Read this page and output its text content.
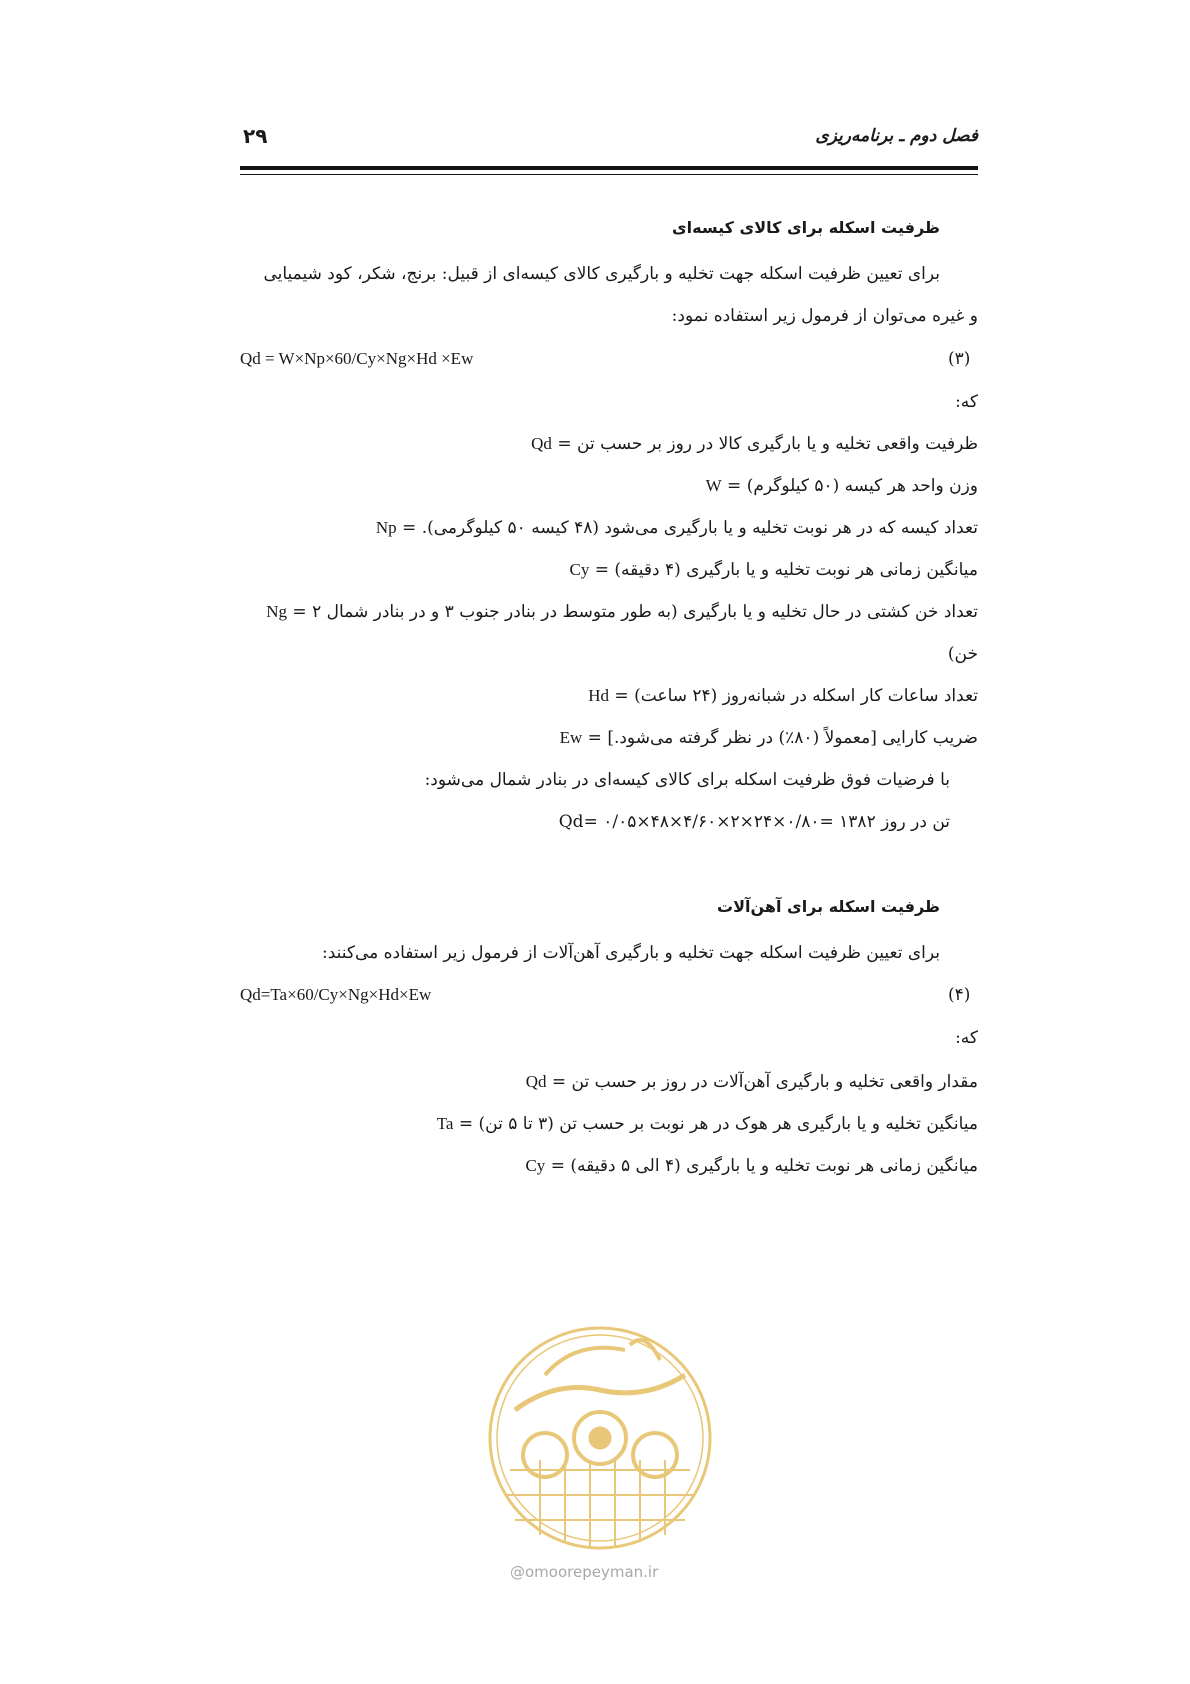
فصل دوم ـ برنامه‌ریزی
۲۹
ظرفیت اسکله برای کالای کیسه‌ای
برای تعیین ظرفیت اسکله جهت تخلیه و بارگیری کالای کیسه‌ای از قبیل: برنج، شکر، کود شیمیایی
و غیره می‌توان از فرمول زیر استفاده نمود:
Qd = W×Np×60/Cy×Ng×Hd ×Ew	(۳)
که:
Qd = ظرفیت واقعی تخلیه و یا بارگیری کالا در روز بر حسب تن
W = وزن واحد هر کیسه (۵۰ کیلوگرم)
Np = تعداد کیسه که در هر نوبت تخلیه و یا بارگیری می‌شود (۴۸ کیسه ۵۰ کیلوگرمی).
Cy = میانگین زمانی هر نوبت تخلیه و یا بارگیری (۴ دقیقه)
Ng = تعداد خن کشتی در حال تخلیه و یا بارگیری (به طور متوسط در بنادر جنوب ۳ و در بنادر شمال ۲
خن)
Hd = تعداد ساعات کار اسکله در شبانه‌روز (۲۴ ساعت)
Ew = ضریب کارایی [معمولاً (۸۰٪) در نظر گرفته می‌شود.]
با فرضیات فوق ظرفیت اسکله برای کالای کیسه‌ای در بنادر شمال می‌شود:
تن در روز ۱۳۸۲ =۰/۸۰×۲۴×۲×۴/۶۰×۴۸×۰/۰۵ =Qd
ظرفیت اسکله برای آهن‌آلات
برای تعیین ظرفیت اسکله جهت تخلیه و بارگیری آهن‌آلات از فرمول زیر استفاده می‌کنند:
Qd=Ta×60/Cy×Ng×Hd×Ew	(۴)
که:
Qd = مقدار واقعی تخلیه و بارگیری آهن‌آلات در روز بر حسب تن
Ta = میانگین تخلیه و یا بارگیری هر هوک در هر نوبت بر حسب تن (۳ تا ۵ تن)
Cy = میانگین زمانی هر نوبت تخلیه و یا بارگیری (۴ الی ۵ دقیقه)
@omoorepeyman.ir
